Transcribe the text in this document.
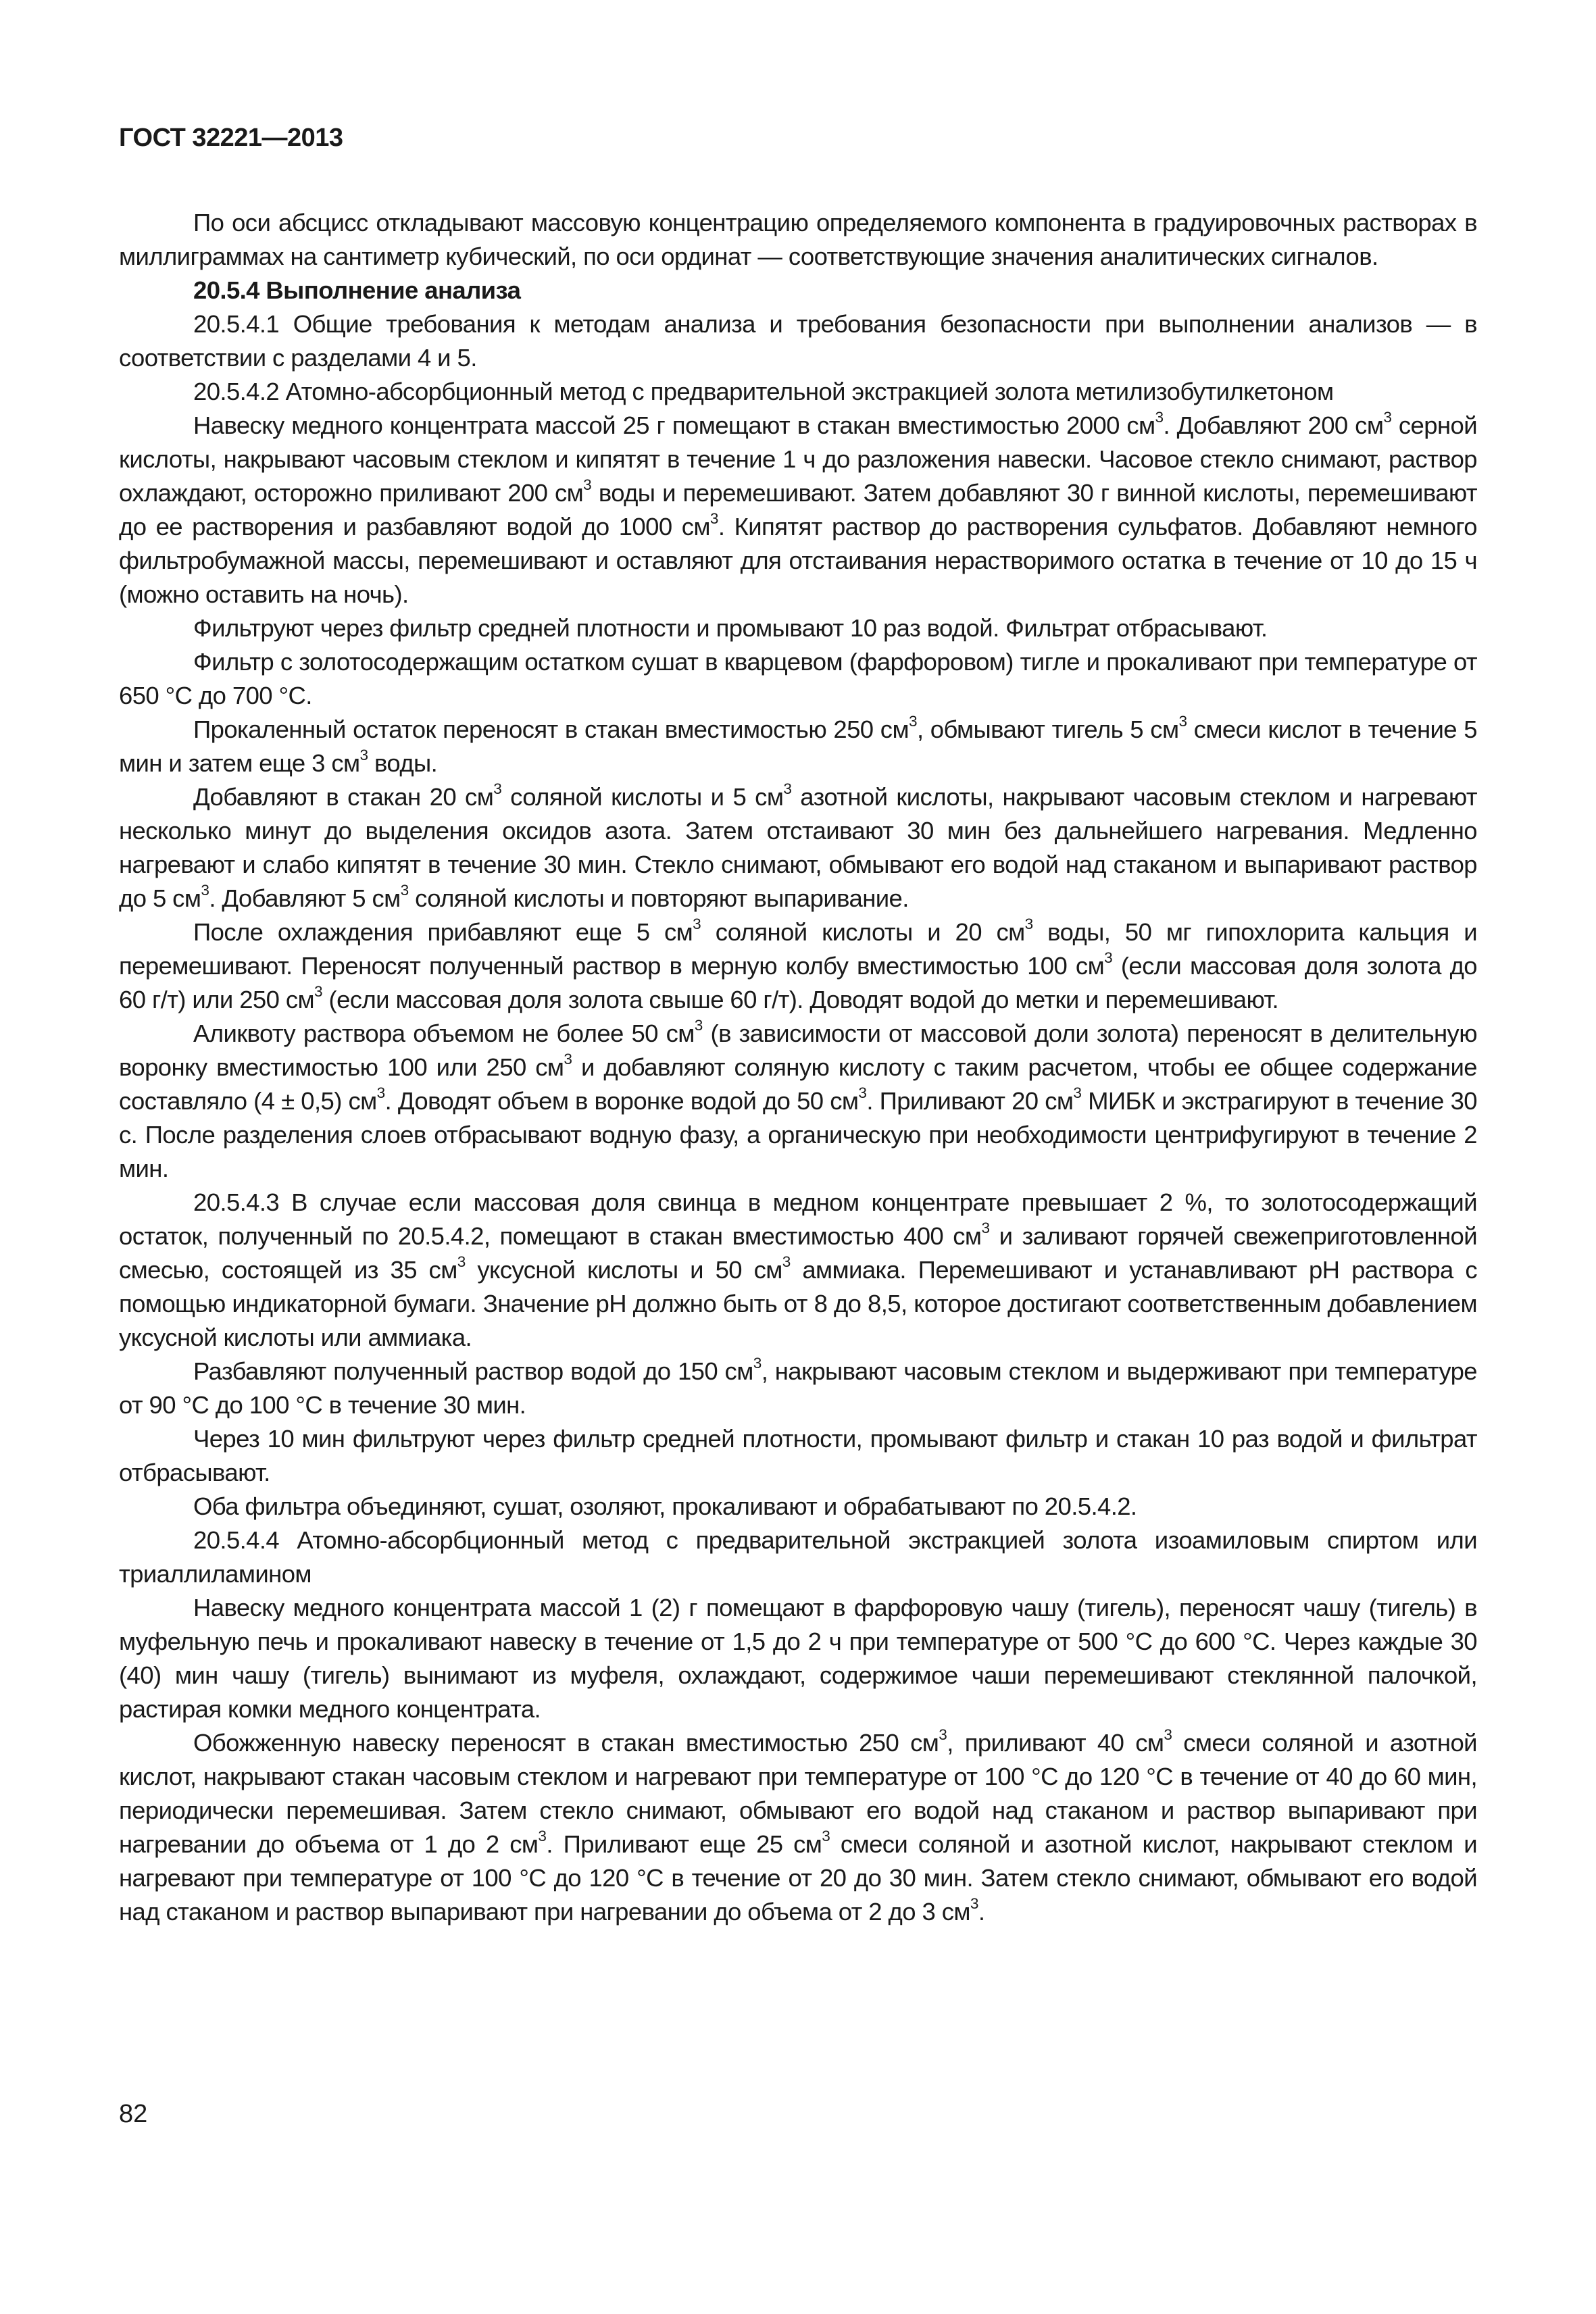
ГОСТ 32221—2013

По оси абсцисс откладывают массовую концентрацию определяемого компонента в градуировочных растворах в миллиграммах на сантиметр кубический, по оси ординат — соответствующие значения аналитических сигналов.

20.5.4 Выполнение анализа

20.5.4.1 Общие требования к методам анализа и требования безопасности при выполнении анализов — в соответствии с разделами 4 и 5.

20.5.4.2 Атомно-абсорбционный метод с предварительной экстракцией золота метилизобутилкетоном

Навеску медного концентрата массой 25 г помещают в стакан вместимостью 2000 $см^3$. Добавляют 200 $см^3$ серной кислоты, накрывают часовым стеклом и кипятят в течение 1 ч до разложения навески. Часовое стекло снимают, раствор охлаждают, осторожно приливают 200 $см^3$ воды и перемешивают. Затем добавляют 30 г винной кислоты, перемешивают до ее растворения и разбавляют водой до 1000 $см^3$. Кипятят раствор до растворения сульфатов. Добавляют немного фильтробумажной массы, перемешивают и оставляют для отстаивания нерастворимого остатка в течение от 10 до 15 ч (можно оставить на ночь).

Фильтруют через фильтр средней плотности и промывают 10 раз водой. Фильтрат отбрасывают.

Фильтр с золотосодержащим остатком сушат в кварцевом (фарфоровом) тигле и прокаливают при температуре от 650 °С до 700 °С.

Прокаленный остаток переносят в стакан вместимостью 250 $см^3$, обмывают тигель 5 $см^3$ смеси кислот в течение 5 мин и затем еще 3 $см^3$ воды.

Добавляют в стакан 20 $см^3$ соляной кислоты и 5 $см^3$ азотной кислоты, накрывают часовым стеклом и нагревают несколько минут до выделения оксидов азота. Затем отстаивают 30 мин без дальнейшего нагревания. Медленно нагревают и слабо кипятят в течение 30 мин. Стекло снимают, обмывают его водой над стаканом и выпаривают раствор до 5 $см^3$. Добавляют 5 $см^3$ соляной кислоты и повторяют выпаривание.

После охлаждения прибавляют еще 5 $см^3$ соляной кислоты и 20 $см^3$ воды, 50 мг гипохлорита кальция и перемешивают. Переносят полученный раствор в мерную колбу вместимостью 100 $см^3$ (если массовая доля золота до 60 г/т) или 250 $см^3$ (если массовая доля золота свыше 60 г/т). Доводят водой до метки и перемешивают.

Аликвоту раствора объемом не более 50 $см^3$ (в зависимости от массовой доли золота) переносят в делительную воронку вместимостью 100 или 250 $см^3$ и добавляют соляную кислоту с таким расчетом, чтобы ее общее содержание составляло (4 ± 0,5) $см^3$. Доводят объем в воронке водой до 50 $см^3$. Приливают 20 $см^3$ МИБК и экстрагируют в течение 30 с. После разделения слоев отбрасывают водную фазу, а органическую при необходимости центрифугируют в течение 2 мин.

20.5.4.3 В случае если массовая доля свинца в медном концентрате превышает 2 %, то золотосодержащий остаток, полученный по 20.5.4.2, помещают в стакан вместимостью 400 $см^3$ и заливают горячей свежеприготовленной смесью, состоящей из 35 $см^3$ уксусной кислоты и 50 $см^3$ аммиака. Перемешивают и устанавливают рН раствора с помощью индикаторной бумаги. Значение рН должно быть от 8 до 8,5, которое достигают соответственным добавлением уксусной кислоты или аммиака.

Разбавляют полученный раствор водой до 150 $см^3$, накрывают часовым стеклом и выдерживают при температуре от 90 °С до 100 °С в течение 30 мин.

Через 10 мин фильтруют через фильтр средней плотности, промывают фильтр и стакан 10 раз водой и фильтрат отбрасывают.

Оба фильтра объединяют, сушат, озоляют, прокаливают и обрабатывают по 20.5.4.2.

20.5.4.4 Атомно-абсорбционный метод с предварительной экстракцией золота изоамиловым спиртом или триаллиламином

Навеску медного концентрата массой 1 (2) г помещают в фарфоровую чашу (тигель), переносят чашу (тигель) в муфельную печь и прокаливают навеску в течение от 1,5 до 2 ч при температуре от 500 °С до 600 °С. Через каждые 30 (40) мин чашу (тигель) вынимают из муфеля, охлаждают, содержимое чаши перемешивают стеклянной палочкой, растирая комки медного концентрата.

Обожженную навеску переносят в стакан вместимостью 250 $см^3$, приливают 40 $см^3$ смеси соляной и азотной кислот, накрывают стакан часовым стеклом и нагревают при температуре от 100 °С до 120 °С в течение от 40 до 60 мин, периодически перемешивая. Затем стекло снимают, обмывают его водой над стаканом и раствор выпаривают при нагревании до объема от 1 до 2 $см^3$. Приливают еще 25 $см^3$ смеси соляной и азотной кислот, накрывают стеклом и нагревают при температуре от 100 °С до 120 °С в течение от 20 до 30 мин. Затем стекло снимают, обмывают его водой над стаканом и раствор выпаривают при нагревании до объема от 2 до 3 $см^3$.

82
